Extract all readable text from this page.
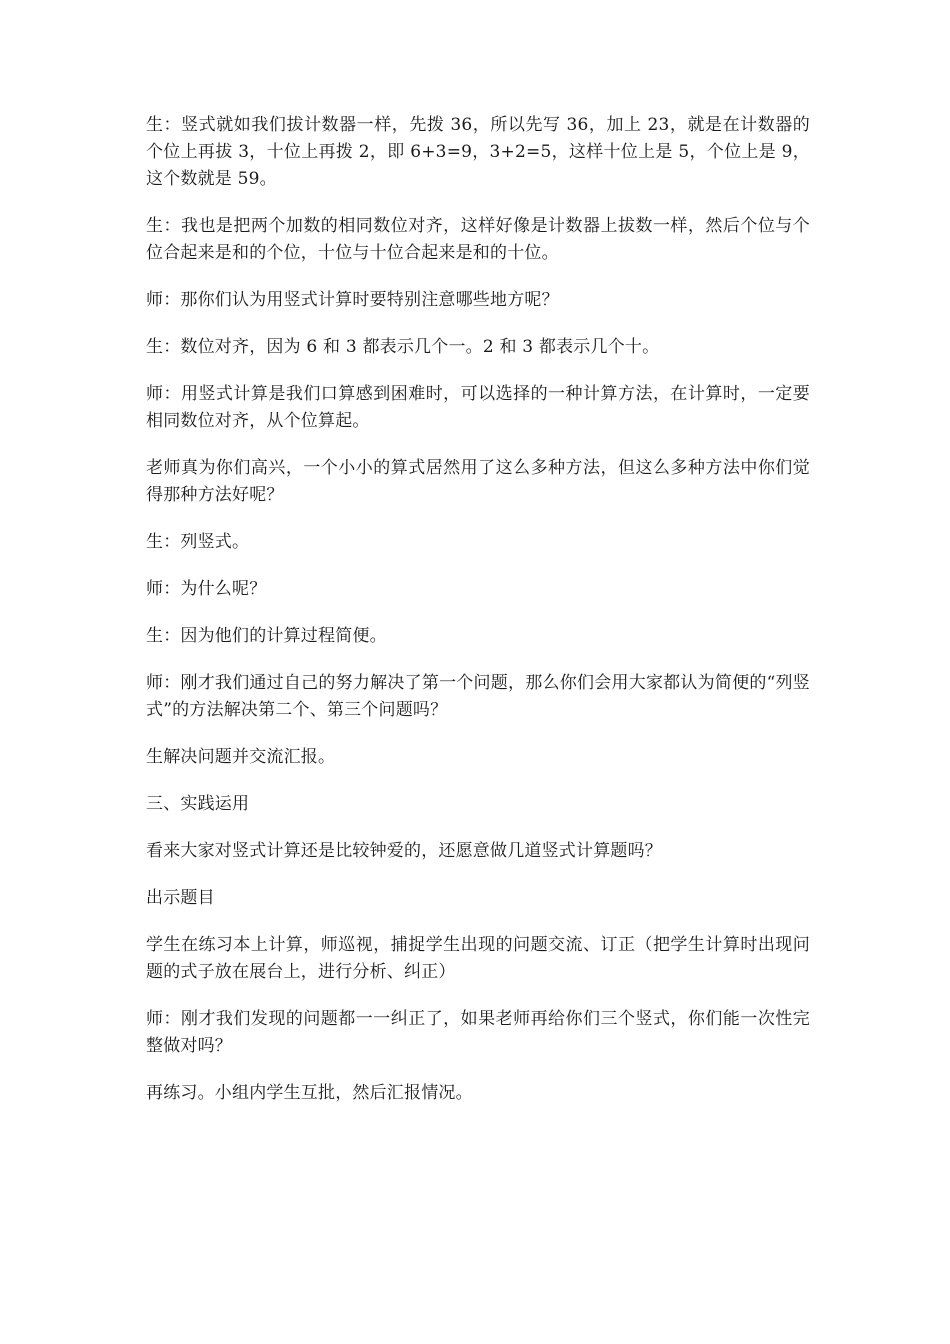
生：竖式就如我们拔计数器一样，先拨 36，所以先写 36，加上 23，就是在计数器的个位上再拔 3，十位上再拨 2，即 6+3=9，3+2=5，这样十位上是 5，个位上是 9，这个数就是 59。

生：我也是把两个加数的相同数位对齐，这样好像是计数器上拔数一样，然后个位与个位合起来是和的个位，十位与十位合起来是和的十位。

师：那你们认为用竖式计算时要特别注意哪些地方呢？

生：数位对齐，因为 6 和 3 都表示几个一。2 和 3 都表示几个十。

师：用竖式计算是我们口算感到困难时，可以选择的一种计算方法，在计算时，一定要相同数位对齐，从个位算起。

老师真为你们高兴，一个小小的算式居然用了这么多种方法，但这么多种方法中你们觉得那种方法好呢？

生：列竖式。

师：为什么呢？

生：因为他们的计算过程简便。

师：刚才我们通过自己的努力解决了第一个问题，那么你们会用大家都认为简便的“列竖式”的方法解决第二个、第三个问题吗？

生解决问题并交流汇报。

三、实践运用

看来大家对竖式计算还是比较钟爱的，还愿意做几道竖式计算题吗？

出示题目

学生在练习本上计算，师巡视，捕捉学生出现的问题交流、订正（把学生计算时出现问题的式子放在展台上，进行分析、纠正）

师：刚才我们发现的问题都一一纠正了，如果老师再给你们三个竖式，你们能一次性完整做对吗？

再练习。小组内学生互批，然后汇报情况。
